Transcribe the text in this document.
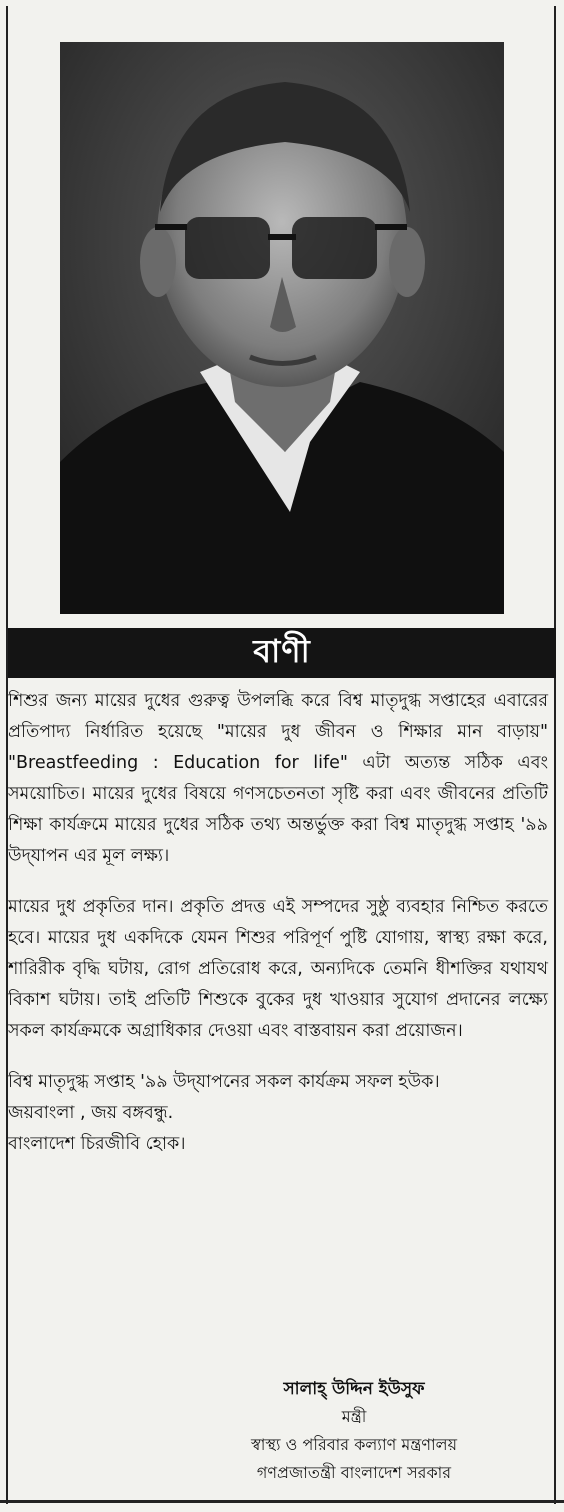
বাণী

শিশুর জন্য মায়ের দুধের গুরুত্ব উপলব্ধি করে বিশ্ব মাতৃদুগ্ধ সপ্তাহের এবারের প্রতিপাদ্য নির্ধারিত হয়েছে "মায়ের দুধ জীবন ও শিক্ষার মান বাড়ায়" "Breastfeeding : Education for life" এটা অত্যন্ত সঠিক এবং সময়োচিত। মায়ের দুধের বিষয়ে গণসচেতনতা সৃষ্টি করা এবং জীবনের প্রতিটি শিক্ষা কার্যক্রমে মায়ের দুধের সঠিক তথ্য অন্তর্ভুক্ত করা বিশ্ব মাতৃদুগ্ধ সপ্তাহ '৯৯ উদ্‌যাপন এর মূল লক্ষ্য।

মায়ের দুধ প্রকৃতির দান। প্রকৃতি প্রদত্ত এই সম্পদের সুষ্ঠু ব্যবহার নিশ্চিত করতে হবে। মায়ের দুধ একদিকে যেমন শিশুর পরিপূর্ণ পুষ্টি যোগায়, স্বাস্থ্য রক্ষা করে, শারিরীক বৃদ্ধি ঘটায়, রোগ প্রতিরোধ করে, অন্যদিকে তেমনি ধীশক্তির যথাযথ বিকাশ ঘটায়। তাই প্রতিটি শিশুকে বুকের দুধ খাওয়ার সুযোগ প্রদানের লক্ষ্যে সকল কার্যক্রমকে অগ্রাধিকার দেওয়া এবং বাস্তবায়ন করা প্রয়োজন।

বিশ্ব মাতৃদুগ্ধ সপ্তাহ '৯৯ উদ্‌যাপনের সকল কার্যক্রম সফল হউক।

জয়বাংলা , জয় বঙ্গবন্ধু.

বাংলাদেশ চিরজীবি হোক।

সালাহ্‌ উদ্দিন ইউসুফ
মন্ত্রী
স্বাস্থ্য ও পরিবার কল্যাণ মন্ত্রণালয়
গণপ্রজাতন্ত্রী বাংলাদেশ সরকার
